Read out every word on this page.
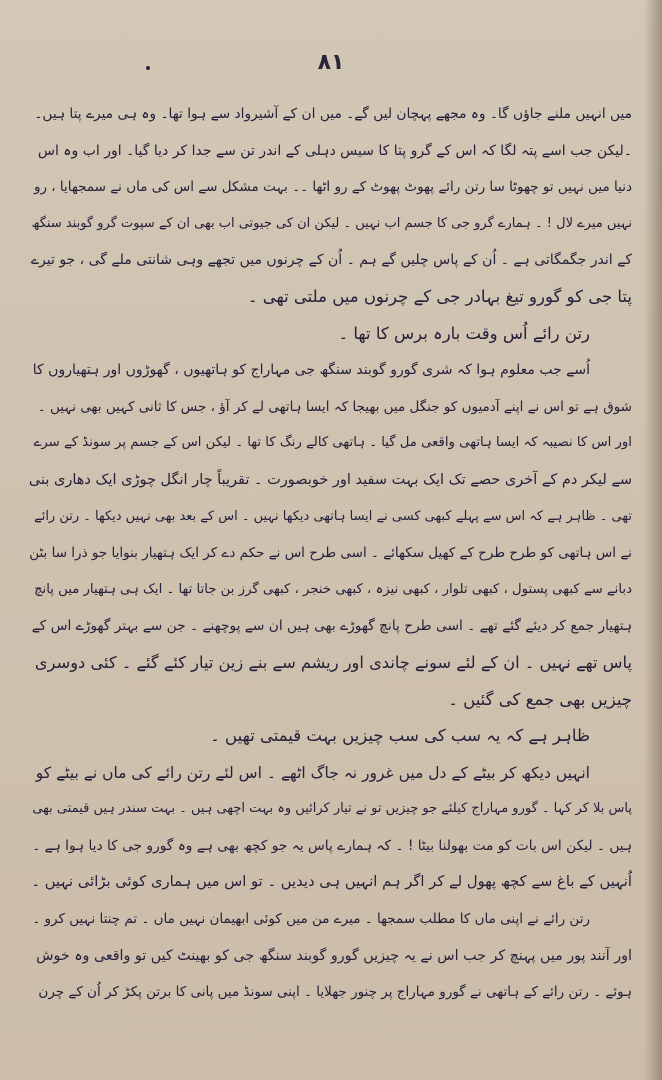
۸۱

میں انہیں ملنے جاؤں گا۔ وہ مجھے پہچان لیں گے۔ میں ان کے آشیرواد سے ہوا تھا۔ وہ ہی میرے پتا ہیں۔

۔لیکن جب اسے پتہ لگا کہ اس کے گرو پتا کا سیس دہلی کے اندر تن سے جدا کر دیا گیا۔ اور اب وہ اس

دنیا میں نہیں تو چھوٹا سا رتن رائے پھوٹ پھوٹ کے رو اٹھا ۔۔ بہت مشکل سے اس کی ماں نے سمجھایا ، رو

نہیں میرے لال ! ۔ ہمارے گرو جی کا جسم اب نہیں ۔ لیکن ان کی جیوتی اب بھی ان کے سپوت گرو گوبند سنگھ

کے اندر جگمگاتی ہے ۔ اُن کے پاس چلیں گے ہم ۔ اُن کے چرنوں میں تجھے وہی شانتی ملے گی ، جو تیرے

پتا جی کو گورو تیغ بہادر جی کے چرنوں میں ملتی تھی ۔

رتن رائے اُس وقت بارہ برس کا تھا ۔

اُسے جب معلوم ہوا کہ شری گورو گوبند سنگھ جی مہاراج کو ہاتھیوں ، گھوڑوں اور ہتھیاروں کا

شوق ہے تو اس نے اپنے آدمیوں کو جنگل میں بھیجا کہ ایسا ہاتھی لے کر آؤ ، جس کا ثانی کہیں بھی نہیں ۔

اور اس کا نصیبہ کہ ایسا ہاتھی واقعی مل گیا ۔ ہاتھی کالے رنگ کا تھا ۔ لیکن اس کے جسم پر سونڈ کے سرے

سے لیکر دم کے آخری حصے تک ایک بہت سفید اور خوبصورت ۔ تقریباً چار انگل چوڑی ایک دھاری بنی

تھی ۔ ظاہر ہے کہ اس سے پہلے کبھی کسی نے ایسا ہاتھی دیکھا نہیں ۔ اس کے بعد بھی نہیں دیکھا ۔ رتن رائے

نے اس ہاتھی کو طرح طرح کے کھیل سکھائے ۔ اسی طرح اس نے حکم دے کر ایک ہتھیار بنوایا جو ذرا سا بٹن

دبانے سے کبھی پستول ، کبھی تلوار ، کبھی نیزہ ، کبھی خنجر ، کبھی گرز بن جاتا تھا ۔ ایک ہی ہتھیار میں پانچ

ہتھیار جمع کر دیئے گئے تھے ۔ اسی طرح پانچ گھوڑے بھی ہیں ان سے پوچھنے ۔ جن سے بہتر گھوڑے اس کے

پاس تھے نہیں ۔ ان کے لئے سونے چاندی اور ریشم سے بنے زین تیار کئے گئے ۔ کئی دوسری

چیزیں بھی جمع کی گئیں ۔

ظاہر ہے کہ یہ سب کی سب چیزیں بہت قیمتی تھیں ۔

انہیں دیکھ کر بیٹے کے دل میں غرور نہ جاگ اٹھے ۔ اس لئے رتن رائے کی ماں نے بیٹے کو

پاس بلا کر کہا ۔ گورو مہاراج کیلئے جو چیزیں تو نے تیار کرائیں وہ بہت اچھی ہیں ۔ بہت سندر ہیں قیمتی بھی

ہیں ۔ لیکن اس بات کو مت بھولنا بیٹا ! ۔ کہ ہمارے پاس یہ جو کچھ بھی ہے وہ گورو جی کا دیا ہوا ہے ۔

اُنہیں کے باغ سے کچھ پھول لے کر اگر ہم انہیں ہی دیدیں ۔ تو اس میں ہماری کوئی بڑائی نہیں ۔

رتن رائے نے اپنی ماں کا مطلب سمجھا ۔ میرے من میں کوئی ابھیمان نہیں ماں ۔ تم چنتا نہیں کرو ۔

اور آنند پور میں پہنچ کر جب اس نے یہ چیزیں گورو گوبند سنگھ جی کو بھینٹ کیں تو واقعی وہ خوش

ہوئے ۔ رتن رائے کے ہاتھی نے گورو مہاراج پر چنور جھلایا ۔ اپنی سونڈ میں پانی کا برتن پکڑ کر اُن کے چرن
